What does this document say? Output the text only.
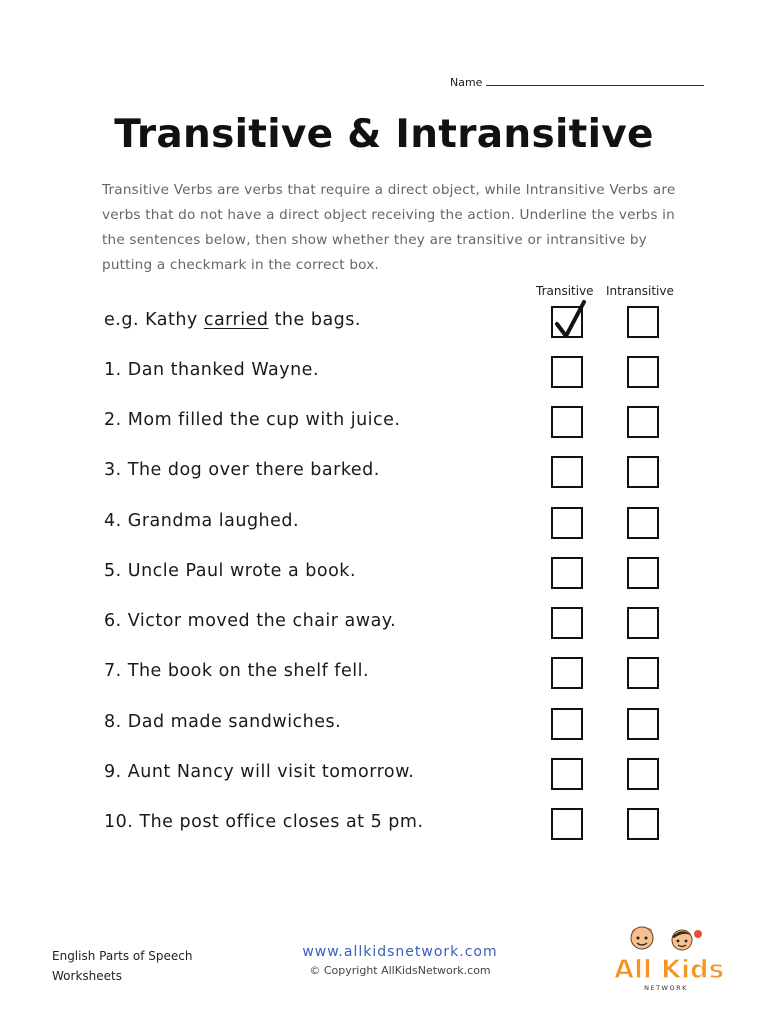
Name
Transitive & Intransitive
Transitive Verbs are verbs that require a direct object, while Intransitive Verbs are verbs that do not have a direct object receiving the action. Underline the verbs in the sentences below, then show whether they are transitive or intransitive by putting a checkmark in the correct box.
Transitive Intransitive
e.g. Kathy carried the bags.
1. Dan thanked Wayne.
2. Mom filled the cup with juice.
3. The dog over there barked.
4. Grandma laughed.
5. Uncle Paul wrote a book.
6. Victor moved the chair away.
7. The book on the shelf fell.
8. Dad made sandwiches.
9. Aunt Nancy will visit tomorrow.
10. The post office closes at 5 pm.
English Parts of Speech
Worksheets
www.allkidsnetwork.com
© Copyright AllKidsNetwork.com	All Kids
NETWORK
